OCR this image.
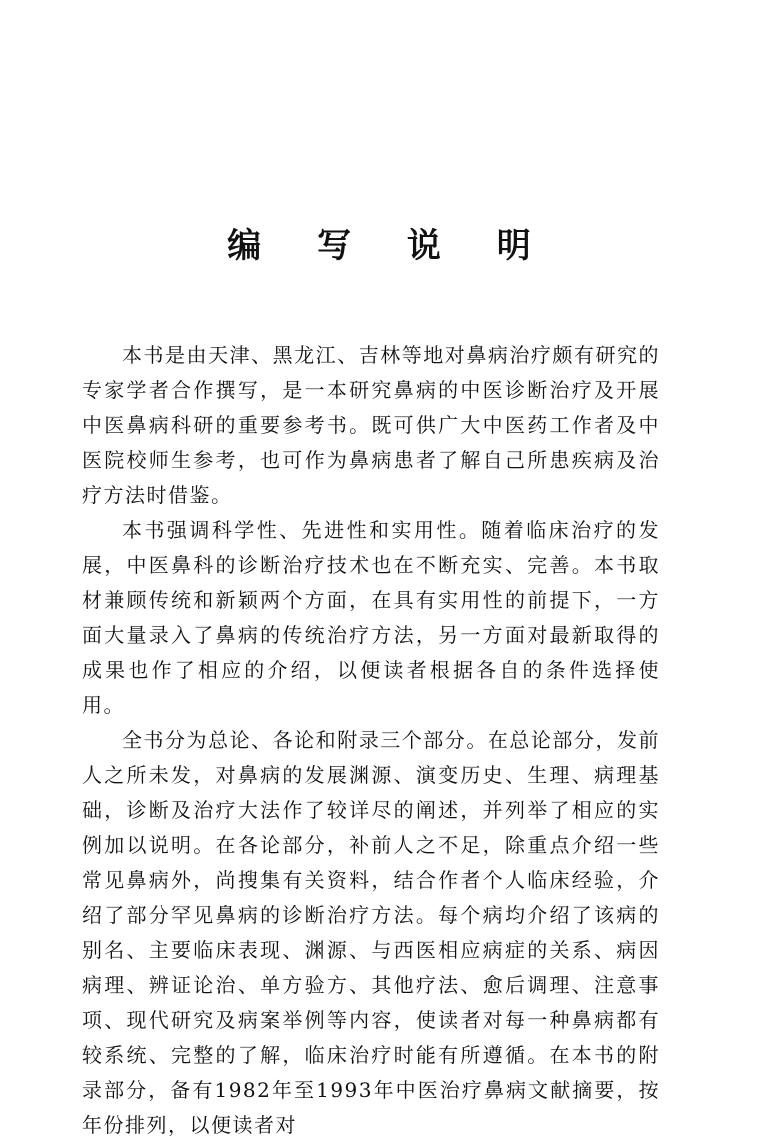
编 写 说 明

本书是由天津、黑龙江、吉林等地对鼻病治疗颇有研究的专家学者合作撰写，是一本研究鼻病的中医诊断治疗及开展中医鼻病科研的重要参考书。既可供广大中医药工作者及中医院校师生参考，也可作为鼻病患者了解自己所患疾病及治疗方法时借鉴。

本书强调科学性、先进性和实用性。随着临床治疗的发展，中医鼻科的诊断治疗技术也在不断充实、完善。本书取材兼顾传统和新颖两个方面，在具有实用性的前提下，一方面大量录入了鼻病的传统治疗方法，另一方面对最新取得的成果也作了相应的介绍，以便读者根据各自的条件选择使用。

全书分为总论、各论和附录三个部分。在总论部分，发前人之所未发，对鼻病的发展渊源、演变历史、生理、病理基础，诊断及治疗大法作了较详尽的阐述，并列举了相应的实例加以说明。在各论部分，补前人之不足，除重点介绍一些常见鼻病外，尚搜集有关资料，结合作者个人临床经验，介绍了部分罕见鼻病的诊断治疗方法。每个病均介绍了该病的别名、主要临床表现、渊源、与西医相应病症的关系、病因病理、辨证论治、单方验方、其他疗法、愈后调理、注意事项、现代研究及病案举例等内容，使读者对每一种鼻病都有较系统、完整的了解，临床治疗时能有所遵循。在本书的附录部分，备有1982年至1993年中医治疗鼻病文献摘要，按年份排列，以便读者对
